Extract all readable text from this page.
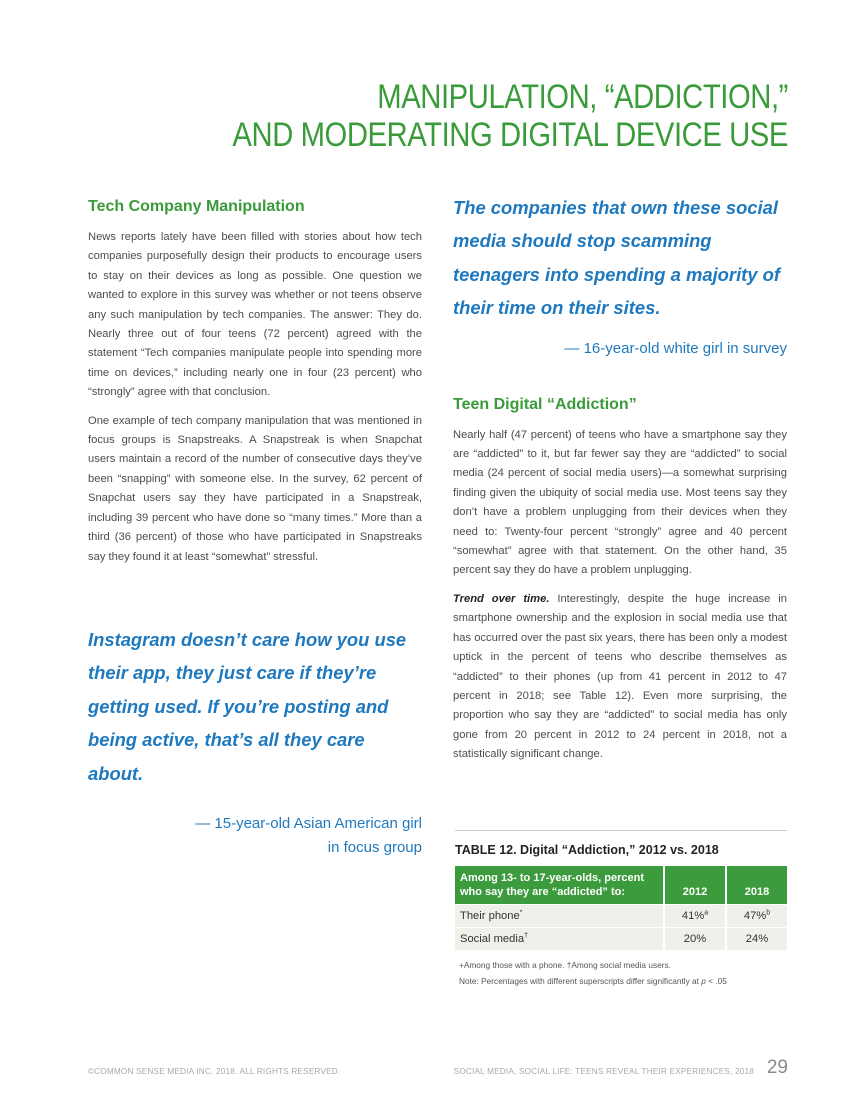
MANIPULATION, “ADDICTION,”
AND MODERATING DIGITAL DEVICE USE
Tech Company Manipulation

News reports lately have been filled with stories about how tech companies purposefully design their products to encourage users to stay on their devices as long as possible. One question we wanted to explore in this survey was whether or not teens observe any such manipulation by tech companies. The answer: They do. Nearly three out of four teens (72 percent) agreed with the statement “Tech companies manipulate people into spending more time on devices,” including nearly one in four (23 percent) who “strongly” agree with that conclusion.

One example of tech company manipulation that was mentioned in focus groups is Snapstreaks. A Snapstreak is when Snapchat users maintain a record of the number of consecutive days they’ve been “snapping” with someone else. In the survey, 62 percent of Snapchat users say they have participated in a Snapstreak, including 39 percent who have done so “many times.” More than a third (36 percent) of those who have participated in Snapstreaks say they found it at least “somewhat” stressful.

Instagram doesn’t care how you use their app, they just care if they’re getting used. If you’re posting and being active, that’s all they care about.
— 15-year-old Asian American girl
in focus group
The companies that own these social media should stop scamming teenagers into spending a majority of their time on their sites.
— 16-year-old white girl in survey
Teen Digital “Addiction”

Nearly half (47 percent) of teens who have a smartphone say they are “addicted” to it, but far fewer say they are “addicted” to social media (24 percent of social media users)—a somewhat surprising finding given the ubiquity of social media use. Most teens say they don’t have a problem unplugging from their devices when they need to: Twenty-four percent “strongly” agree and 40 percent “somewhat” agree with that statement. On the other hand, 35 percent say they do have a problem unplugging.

Trend over time. Interestingly, despite the huge increase in smartphone ownership and the explosion in social media use that has occurred over the past six years, there has been only a modest uptick in the percent of teens who describe themselves as “addicted” to their phones (up from 41 percent in 2012 to 47 percent in 2018; see Table 12). Even more surprising, the proportion who say they are “addicted” to social media has only gone from 20 percent in 2012 to 24 percent in 2018, not a statistically significant change.

TABLE 12. Digital “Addiction,” 2012 vs. 2018
Among 13- to 17-year-olds, percent who say they are “addicted” to:	2012	2018
Their phone*	41%$^a$	47%$^b$
Social media†	20%	24%
+Among those with a phone. †Among social media users.
Note: Percentages with different superscripts differ significantly at p < .05
©COMMON SENSE MEDIA INC. 2018. ALL RIGHTS RESERVED.	SOCIAL MEDIA, SOCIAL LIFE: TEENS REVEAL THEIR EXPERIENCES, 2018 29
